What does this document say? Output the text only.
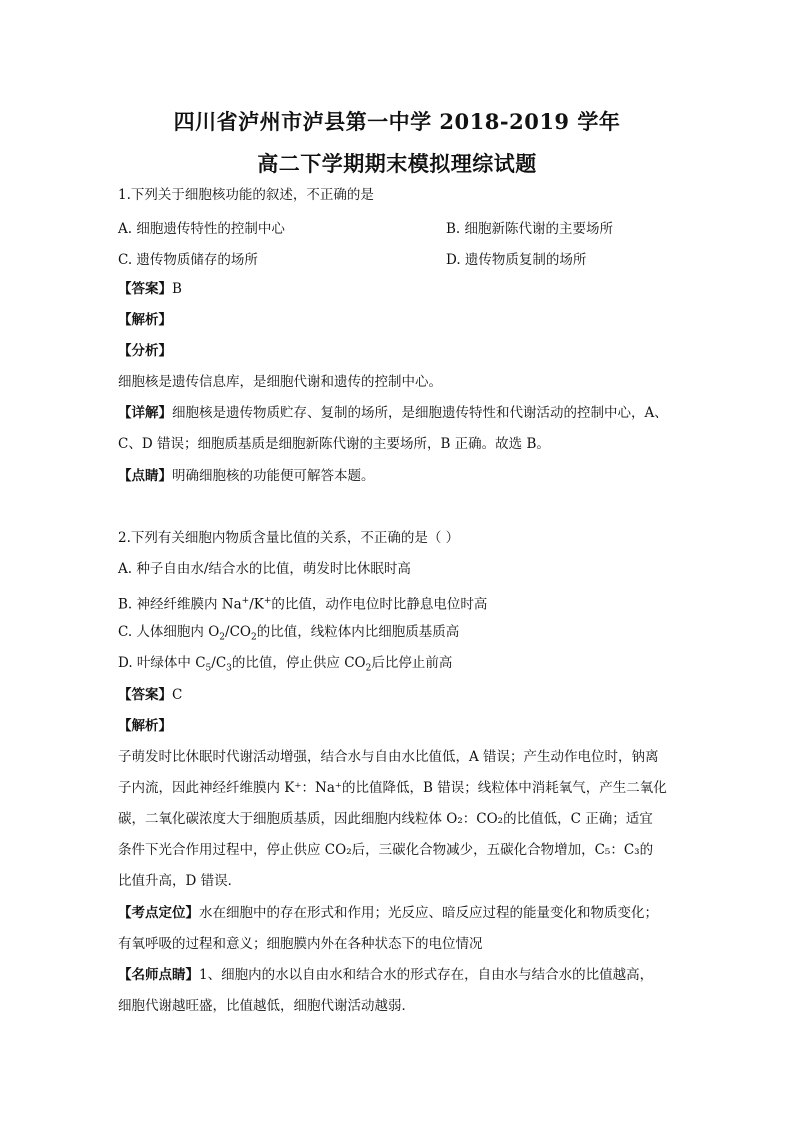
四川省泸州市泸县第一中学 2018-2019 学年
高二下学期期末模拟理综试题
1.下列关于细胞核功能的叙述，不正确的是
A. 细胞遗传特性的控制中心	B. 细胞新陈代谢的主要场所
C. 遗传物质储存的场所	D. 遗传物质复制的场所
【答案】B
【解析】
【分析】
细胞核是遗传信息库，是细胞代谢和遗传的控制中心。
【详解】细胞核是遗传物质贮存、复制的场所，是细胞遗传特性和代谢活动的控制中心，A、C、D 错误；细胞质基质是细胞新陈代谢的主要场所，B 正确。故选 B。
【点睛】明确细胞核的功能便可解答本题。
2.下列有关细胞内物质含量比值的关系，不正确的是（ ）
A. 种子自由水/结合水的比值，萌发时比休眠时高
B. 神经纤维膜内 Na+/K+的比值，动作电位时比静息电位时高
C. 人体细胞内 $O_2/CO_2$的比值，线粒体内比细胞质基质高
D. 叶绿体中 $C_5/C_3$的比值，停止供应 $CO_2$后比停止前高
【答案】C
【解析】
子萌发时比休眠时代谢活动增强，结合水与自由水比值低，A 错误；产生动作电位时，钠离
子内流，因此神经纤维膜内 K⁺：Na⁺的比值降低，B 错误；线粒体中消耗氧气，产生二氧化
碳，二氧化碳浓度大于细胞质基质，因此细胞内线粒体 O₂：CO₂的比值低，C 正确；适宜
条件下光合作用过程中，停止供应 CO₂后，三碳化合物减少，五碳化合物增加，C₅：C₃的
比值升高，D 错误．
【考点定位】水在细胞中的存在形式和作用；光反应、暗反应过程的能量变化和物质变化；
有氧呼吸的过程和意义；细胞膜内外在各种状态下的电位情况
【名师点睛】1、细胞内的水以自由水和结合水的形式存在，自由水与结合水的比值越高，
细胞代谢越旺盛，比值越低，细胞代谢活动越弱．
